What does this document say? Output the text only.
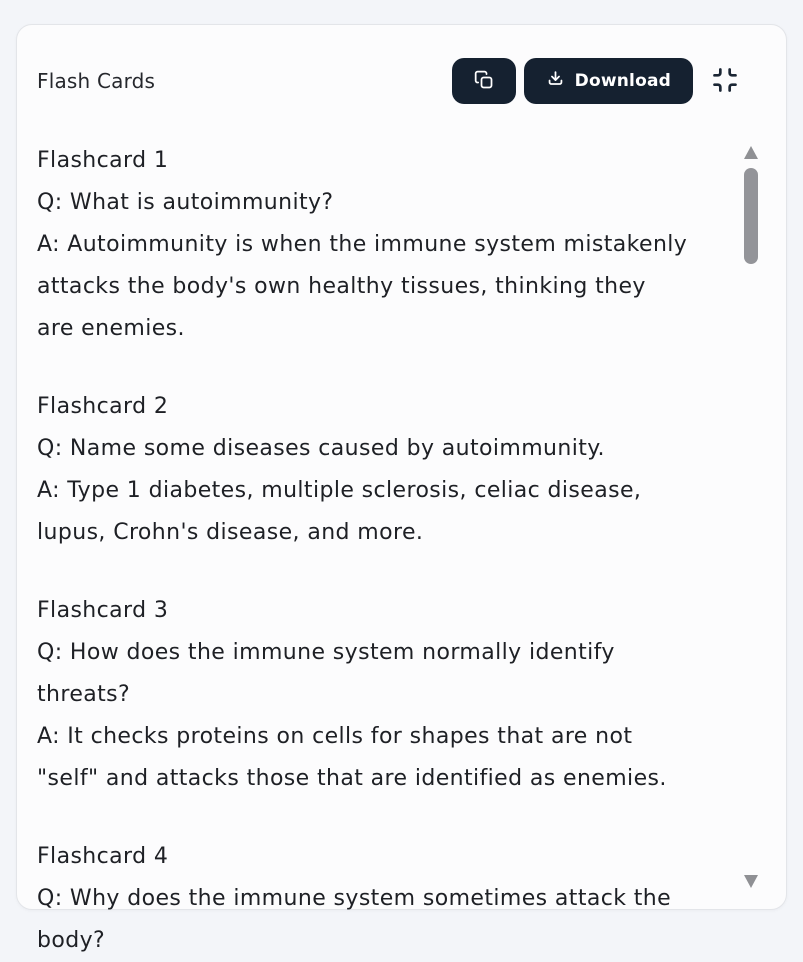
Flash Cards	Download
Flashcard 1
Q: What is autoimmunity?
A: Autoimmunity is when the immune system mistakenly
attacks the body's own healthy tissues, thinking they
are enemies.
Flashcard 2
Q: Name some diseases caused by autoimmunity.
A: Type 1 diabetes, multiple sclerosis, celiac disease,
lupus, Crohn's disease, and more.
Flashcard 3
Q: How does the immune system normally identify
threats?
A: It checks proteins on cells for shapes that are not
"self" and attacks those that are identified as enemies.
Flashcard 4
Q: Why does the immune system sometimes attack the body?
